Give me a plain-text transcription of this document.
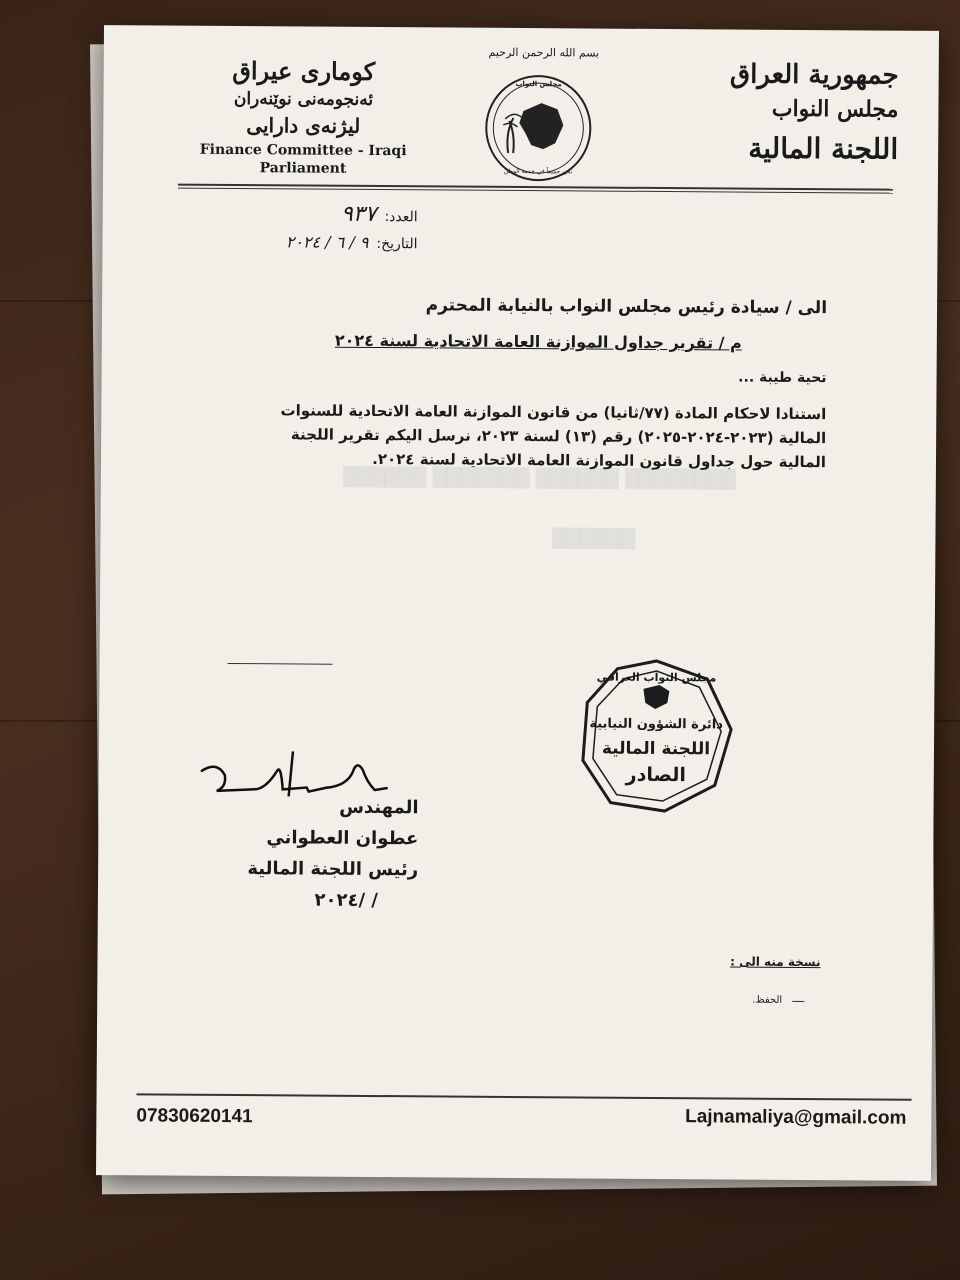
جمهورية العراق
مجلس النواب
اللجنة المالية
كوماری عیراق
ئه‌نجومه‌نی نوێنه‌ران
لیژنه‌ی دارایی
Finance Committee - Iraqi
Parliament
بسم الله الرحمن الرحيم
مجلس النواب
نحن جميعاً في خدمة الوطن
العدد:
٩٣٧
التاريخ:
٩ / ٦ / ٢٠٢٤
████████ ██████ ███████ ██████
██████
الى / سيادة رئيس مجلس النواب بالنيابة المحترم
م / تقرير جداول الموازنة العامة الاتحادية لسنة ٢٠٢٤
تحية طيبة ...
استنادا لاحكام المادة (٧٧/ثانيا) من قانون الموازنة العامة الاتحادية للسنوات المالية (٢٠٢٣-٢٠٢٤-٢٠٢٥) رقم (١٣) لسنة ٢٠٢٣، نرسل اليكم تقرير اللجنة المالية حول جداول قانون الموازنة العامة الاتحادية لسنة ٢٠٢٤.
مجلس النواب العراقي
دائرة الشؤون النيابية
اللجنة المالية
الصادر
المهندس
عطوان العطواني
رئيس اللجنة المالية
/ /٢٠٢٤
نسخة منه الى :
الحفظ.
07830620141	Lajnamaliya@gmail.com
